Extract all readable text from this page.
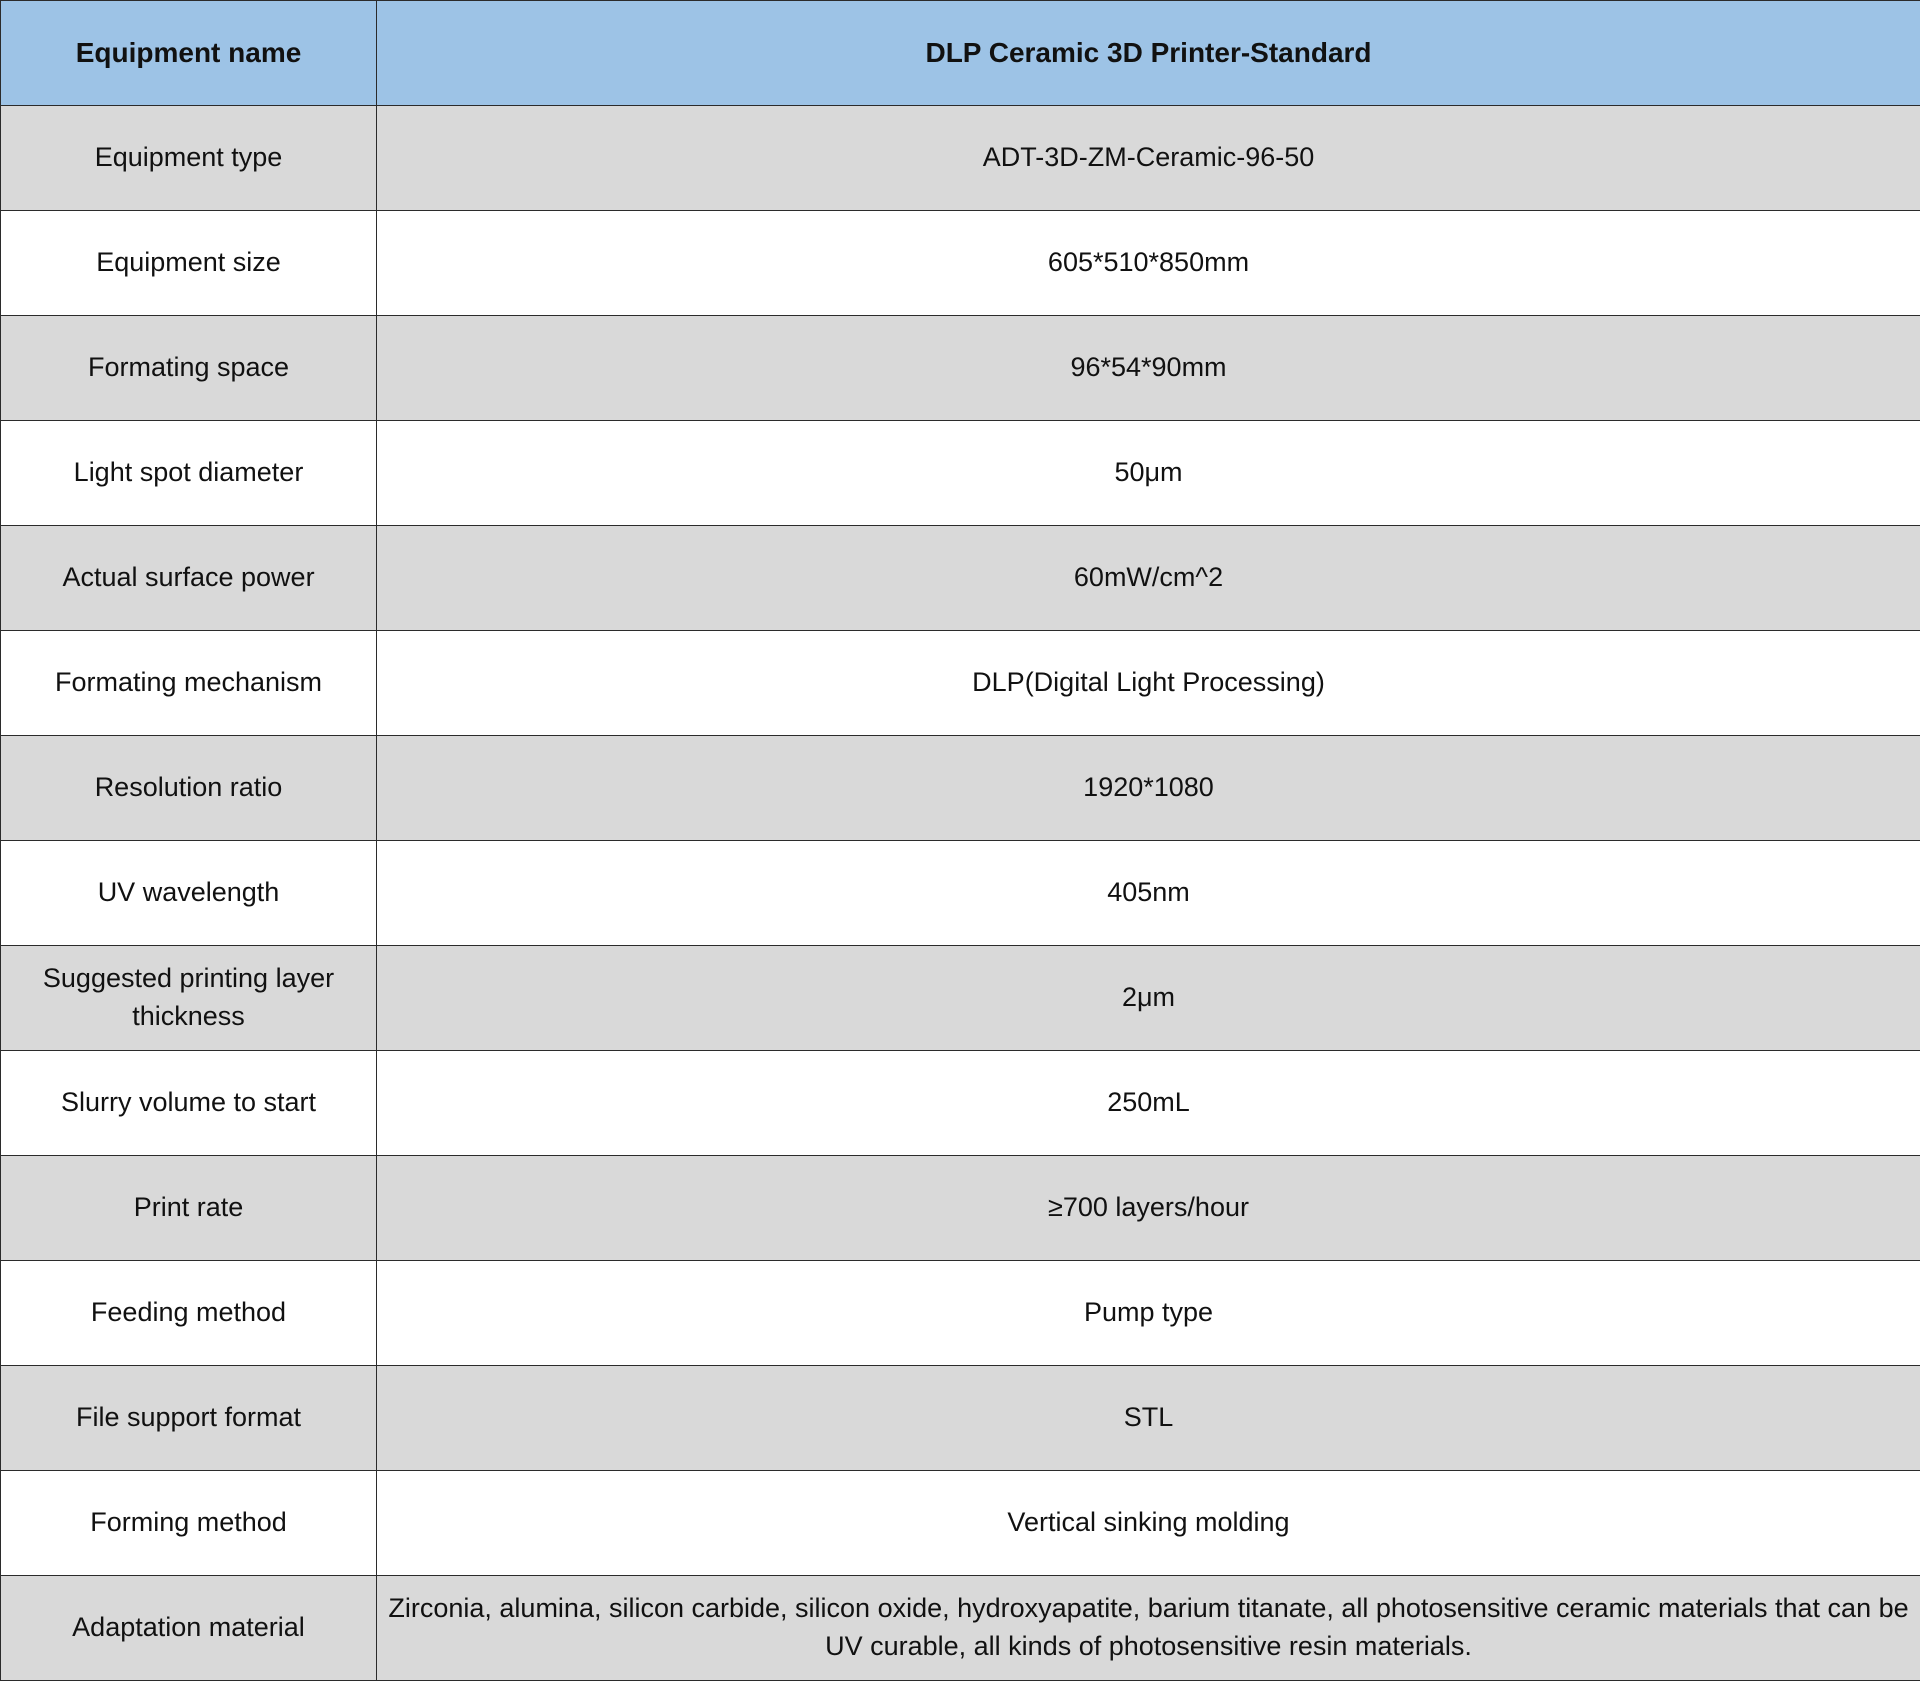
Equipment name	DLP Ceramic 3D Printer-Standard
Equipment type	ADT-3D-ZM-Ceramic-96-50
Equipment size	605*510*850mm
Formating space	96*54*90mm
Light spot diameter	50μm
Actual surface power	60mW/cm^2
Formating mechanism	DLP(Digital Light Processing)
Resolution ratio	1920*1080
UV wavelength	405nm
Suggested printing layer thickness	2μm
Slurry volume to start	250mL
Print rate	≥700 layers/hour
Feeding method	Pump type
File support format	STL
Forming method	Vertical sinking molding
Adaptation material	Zirconia, alumina, silicon carbide, silicon oxide, hydroxyapatite, barium titanate, all photosensitive ceramic materials that can be UV curable, all kinds of photosensitive resin materials.
